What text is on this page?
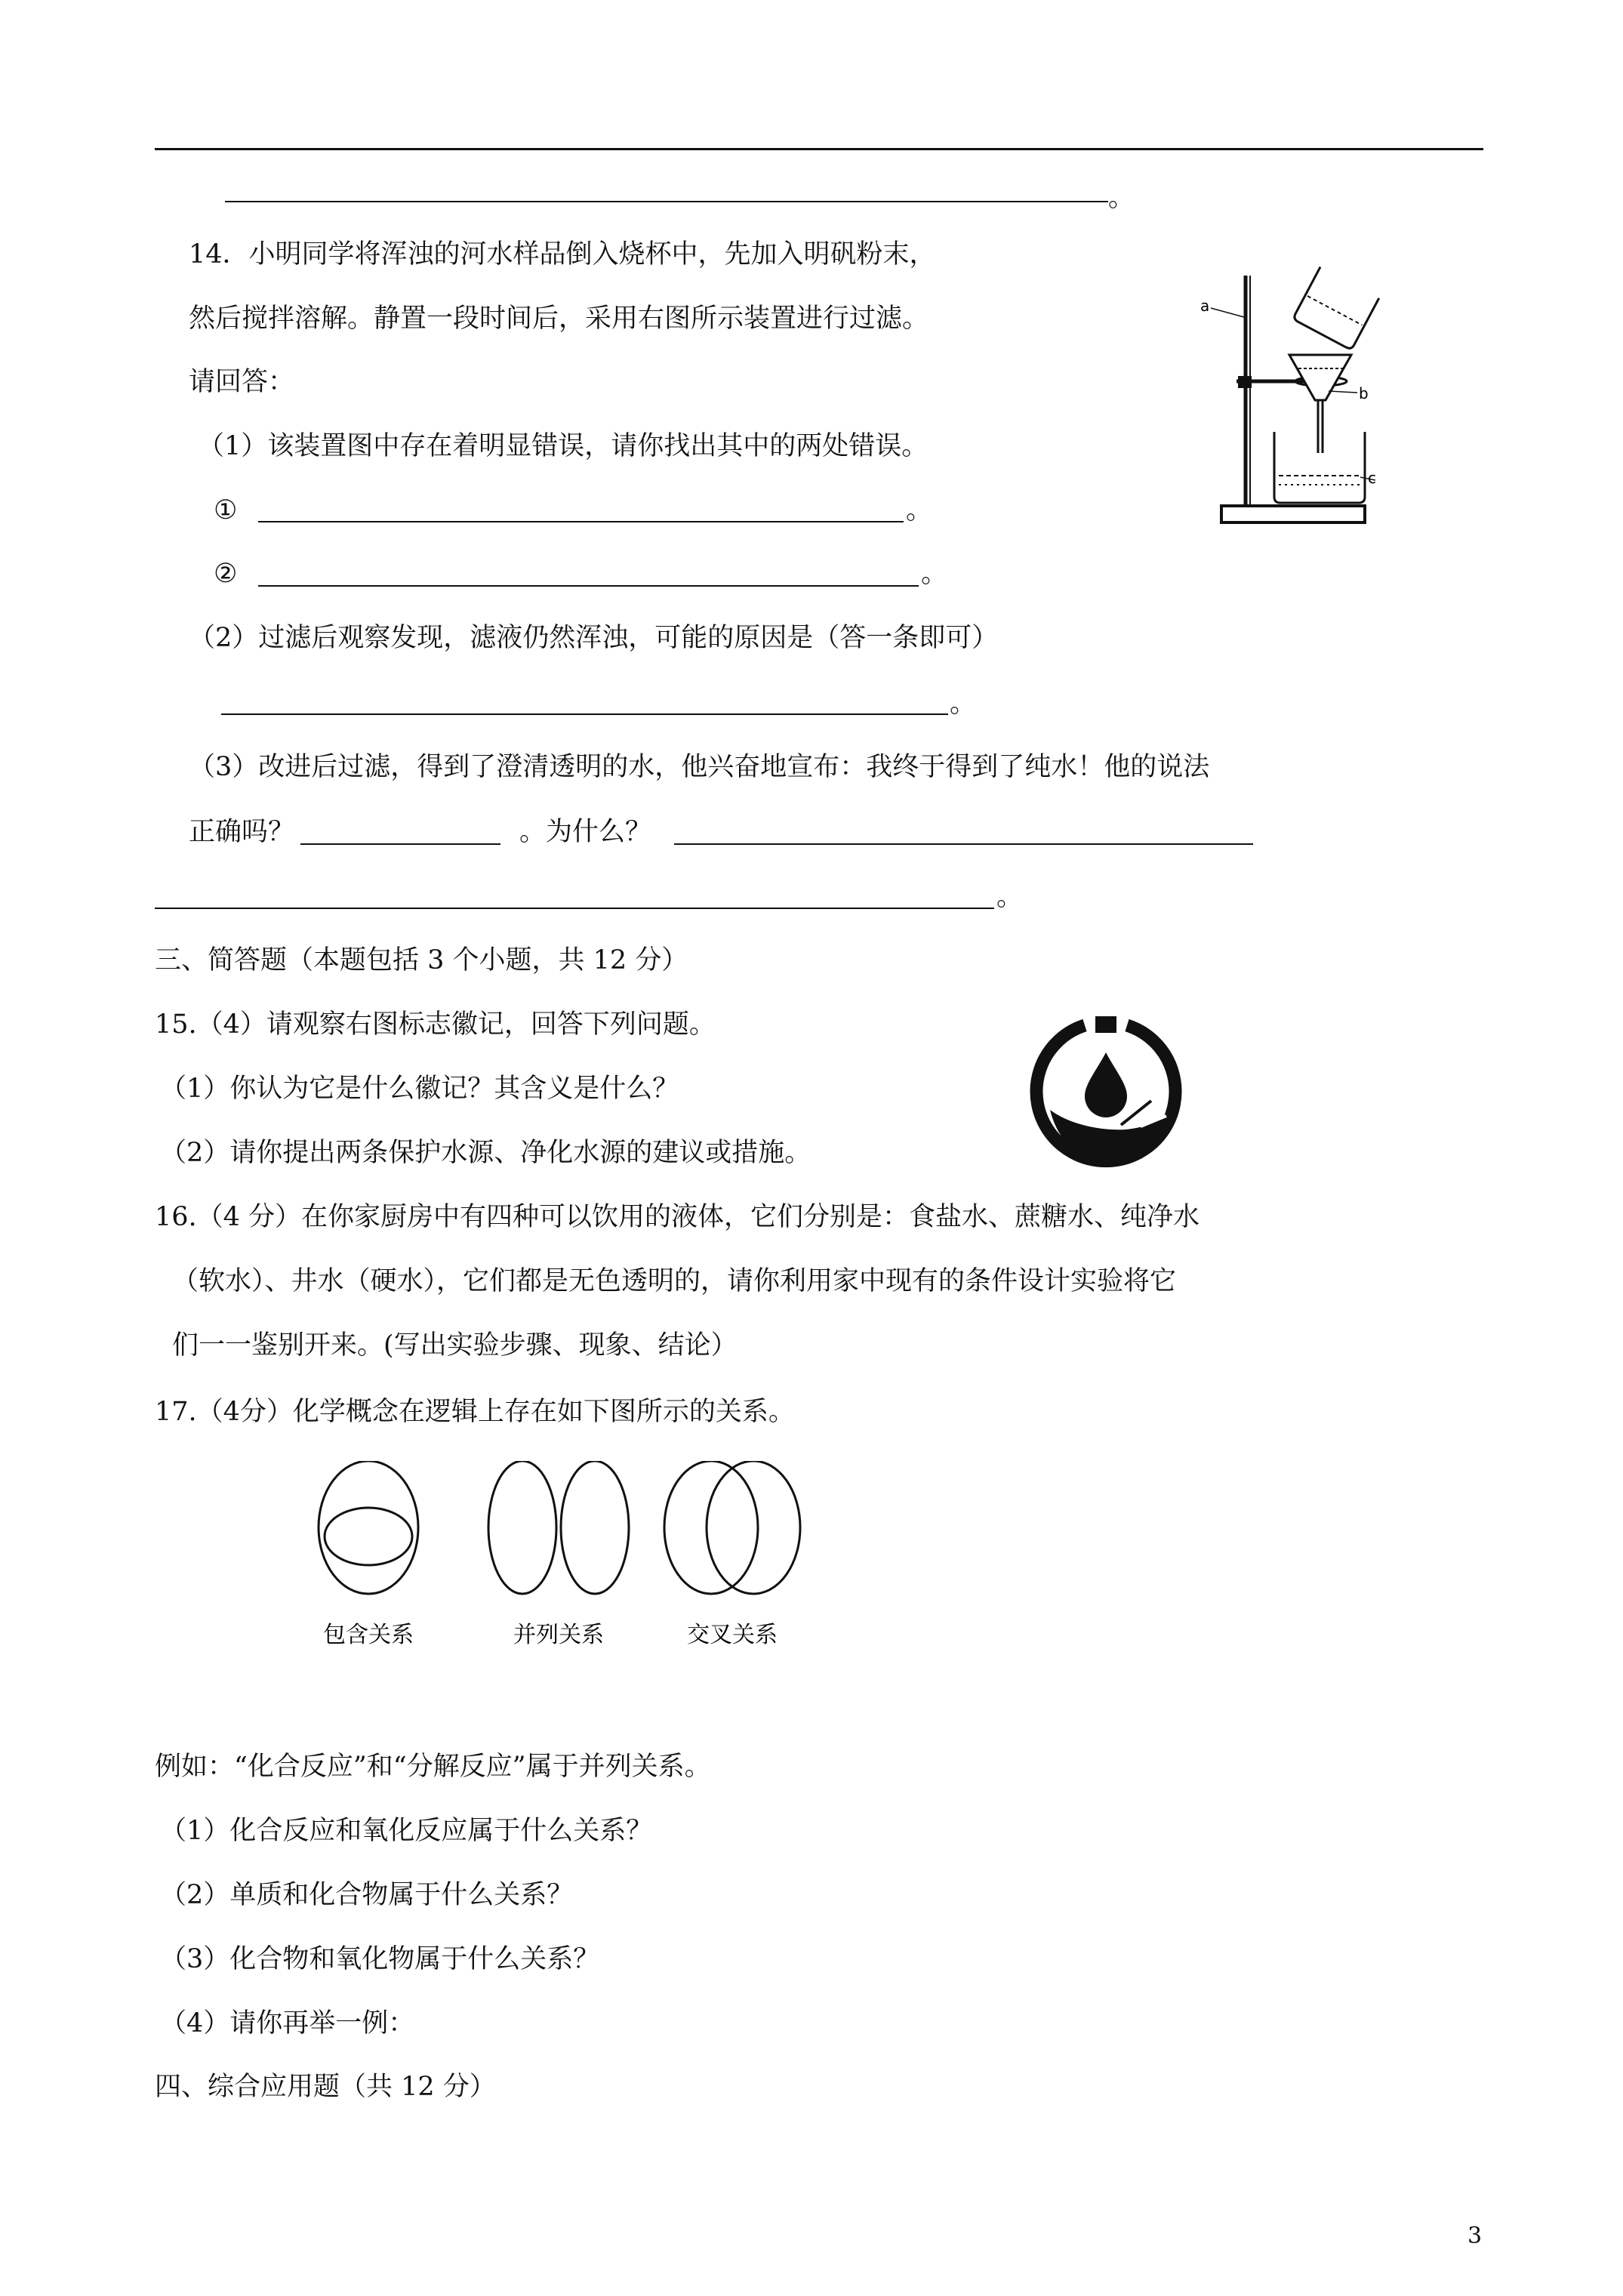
。
14．小明同学将浑浊的河水样品倒入烧杯中，先加入明矾粉末，
然后搅拌溶解。静置一段时间后，采用右图所示装置进行过滤。
请回答：
（1）该装置图中存在着明显错误，请你找出其中的两处错误。
①	。
②	。
（2）过滤后观察发现，滤液仍然浑浊，可能的原因是（答一条即可）
。
（3）改进后过滤，得到了澄清透明的水，他兴奋地宣布：我终于得到了纯水！他的说法
正确吗？	。为什么？
。
a
b
c
三、简答题（本题包括 3 个小题，共 12 分）
15.（4）请观察右图标志徽记，回答下列问题。
（1）你认为它是什么徽记？其含义是什么？
（2）请你提出两条保护水源、净化水源的建议或措施。
16.（4 分）在你家厨房中有四种可以饮用的液体，它们分别是：食盐水、蔗糖水、纯净水
（软水）、井水（硬水），它们都是无色透明的，请你利用家中现有的条件设计实验将它
们一一鉴别开来。(写出实验步骤、现象、结论）
17.（4分）化学概念在逻辑上存在如下图所示的关系。
包含关系	并列关系	交叉关系
例如：“化合反应”和“分解反应”属于并列关系。
（1）化合反应和氧化反应属于什么关系？
（2）单质和化合物属于什么关系？
（3）化合物和氧化物属于什么关系？
（4）请你再举一例：
四、综合应用题（共 12 分）
3
